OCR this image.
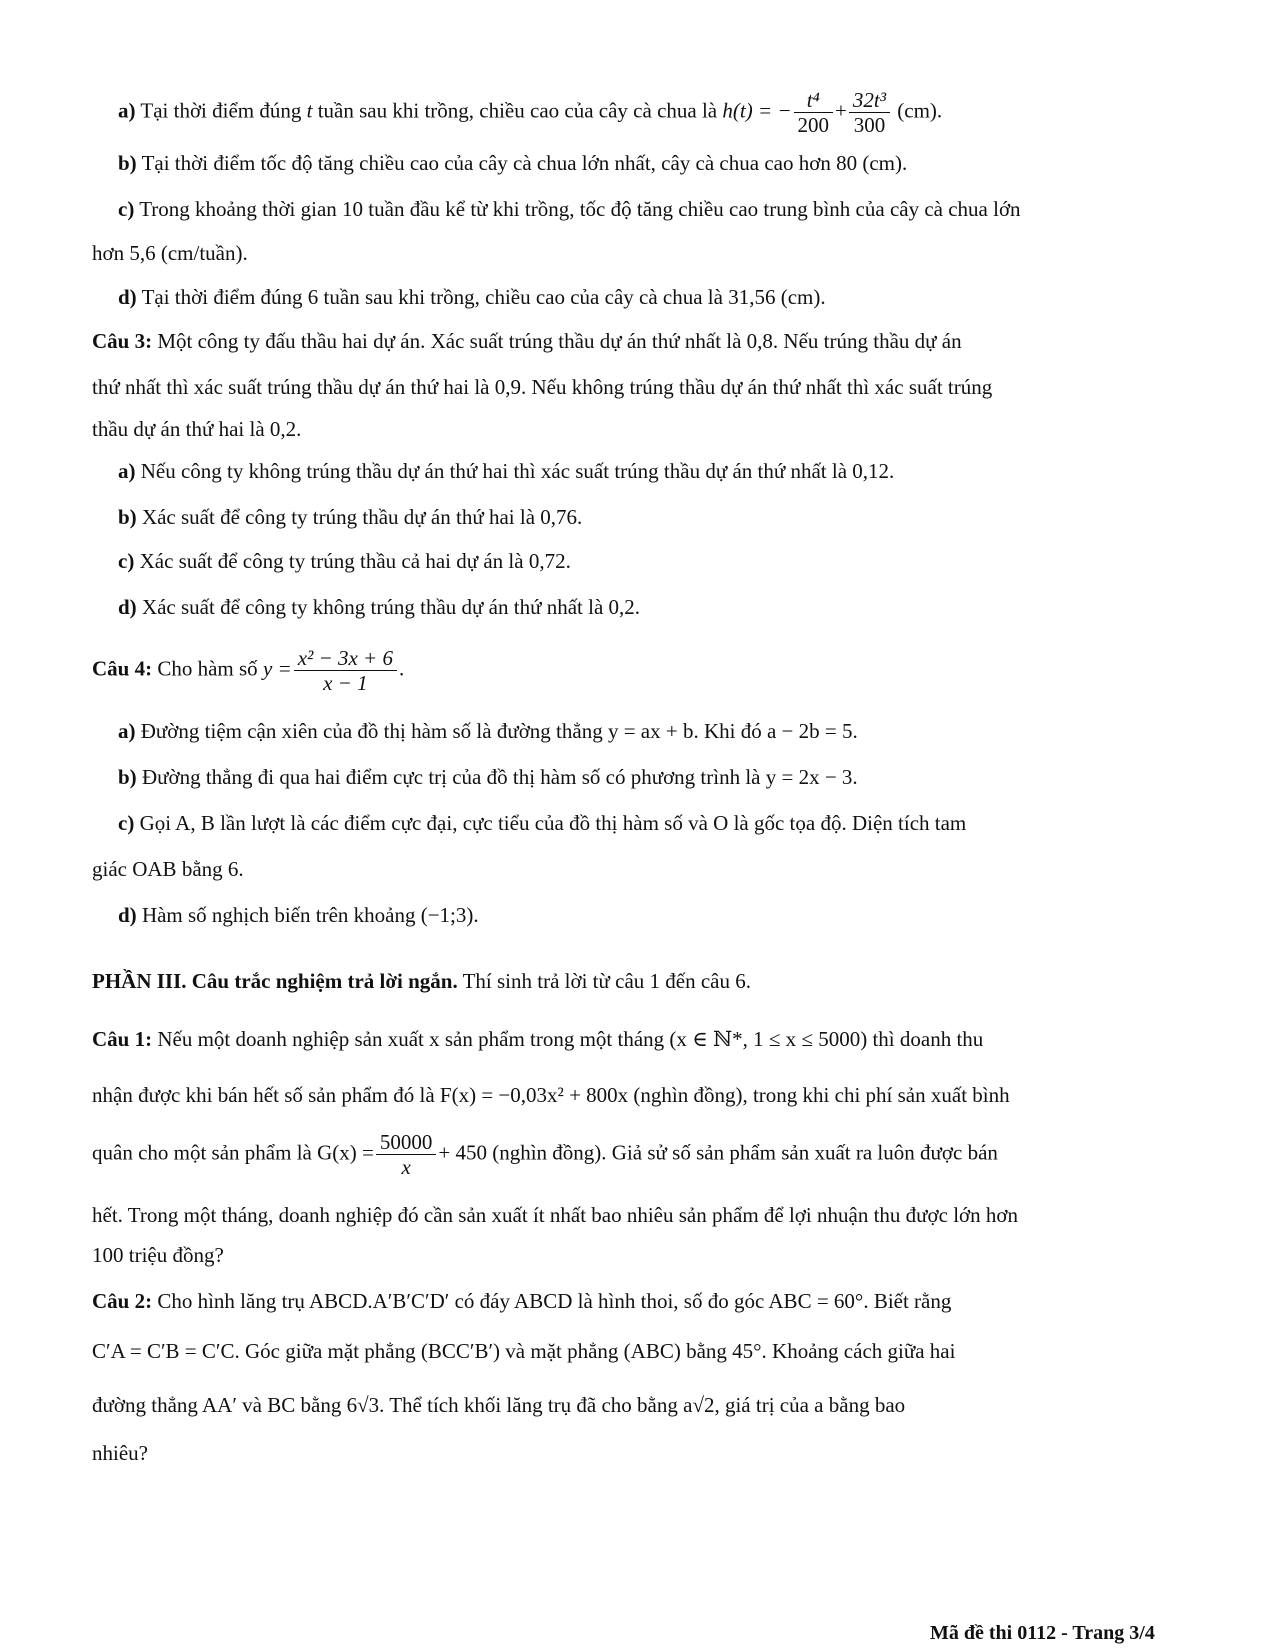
a) Tại thời điểm đúng t tuần sau khi trồng, chiều cao của cây cà chua là h(t) = − $\frac{\text{t⁴}}{200} + \frac{\text{32t³}}{300} (cm)$.
b) Tại thời điểm tốc độ tăng chiều cao của cây cà chua lớn nhất, cây cà chua cao hơn 80 (cm).
c) Trong khoảng thời gian 10 tuần đầu kể từ khi trồng, tốc độ tăng chiều cao trung bình của cây cà chua lớn
hơn 5,6 (cm/tuần).
d) Tại thời điểm đúng 6 tuần sau khi trồng, chiều cao của cây cà chua là 31,56 (cm).
Câu 3: Một công ty đấu thầu hai dự án. Xác suất trúng thầu dự án thứ nhất là 0,8. Nếu trúng thầu dự án
thứ nhất thì xác suất trúng thầu dự án thứ hai là 0,9. Nếu không trúng thầu dự án thứ nhất thì xác suất trúng
thầu dự án thứ hai là 0,2.
a) Nếu công ty không trúng thầu dự án thứ hai thì xác suất trúng thầu dự án thứ nhất là 0,12.
b) Xác suất để công ty trúng thầu dự án thứ hai là 0,76.
c) Xác suất để công ty trúng thầu cả hai dự án là 0,72.
d) Xác suất để công ty không trúng thầu dự án thứ nhất là 0,2.
Câu 4: Cho hàm số $y = \frac{\text{x² − 3x + 6}}{x - 1}$ .
a) Đường tiệm cận xiên của đồ thị hàm số là đường thẳng y = ax + b. Khi đó a − 2b = 5.
b) Đường thẳng đi qua hai điểm cực trị của đồ thị hàm số có phương trình là y = 2x − 3.
c) Gọi A, B lần lượt là các điểm cực đại, cực tiểu của đồ thị hàm số và O là gốc tọa độ. Diện tích tam
giác OAB bằng 6.
d) Hàm số nghịch biến trên khoảng (−1;3).
PHẦN III. Câu trắc nghiệm trả lời ngắn. Thí sinh trả lời từ câu 1 đến câu 6.
Câu 1: Nếu một doanh nghiệp sản xuất x sản phẩm trong một tháng (x ∈ ℕ*, 1 ≤ x ≤ 5000) thì doanh thu
nhận được khi bán hết số sản phẩm đó là F(x) = −0,03x² + 800x (nghìn đồng), trong khi chi phí sản xuất bình
quân cho một sản phẩm là $G(x) = \frac{50000}{x} + 450$ (nghìn đồng). Giả sử số sản phẩm sản xuất ra luôn được bán
hết. Trong một tháng, doanh nghiệp đó cần sản xuất ít nhất bao nhiêu sản phẩm để lợi nhuận thu được lớn hơn
100 triệu đồng?
Câu 2: Cho hình lăng trụ ABCD.A′B′C′D′ có đáy ABCD là hình thoi, số đo góc ABC = 60°. Biết rằng
C′A = C′B = C′C. Góc giữa mặt phẳng (BCC′B′) và mặt phẳng (ABC) bằng 45°. Khoảng cách giữa hai
đường thẳng AA′ và BC bằng 6√3. Thể tích khối lăng trụ đã cho bằng a√2, giá trị của a bằng bao
nhiêu?
Mã đề thi 0112 - Trang 3/4
